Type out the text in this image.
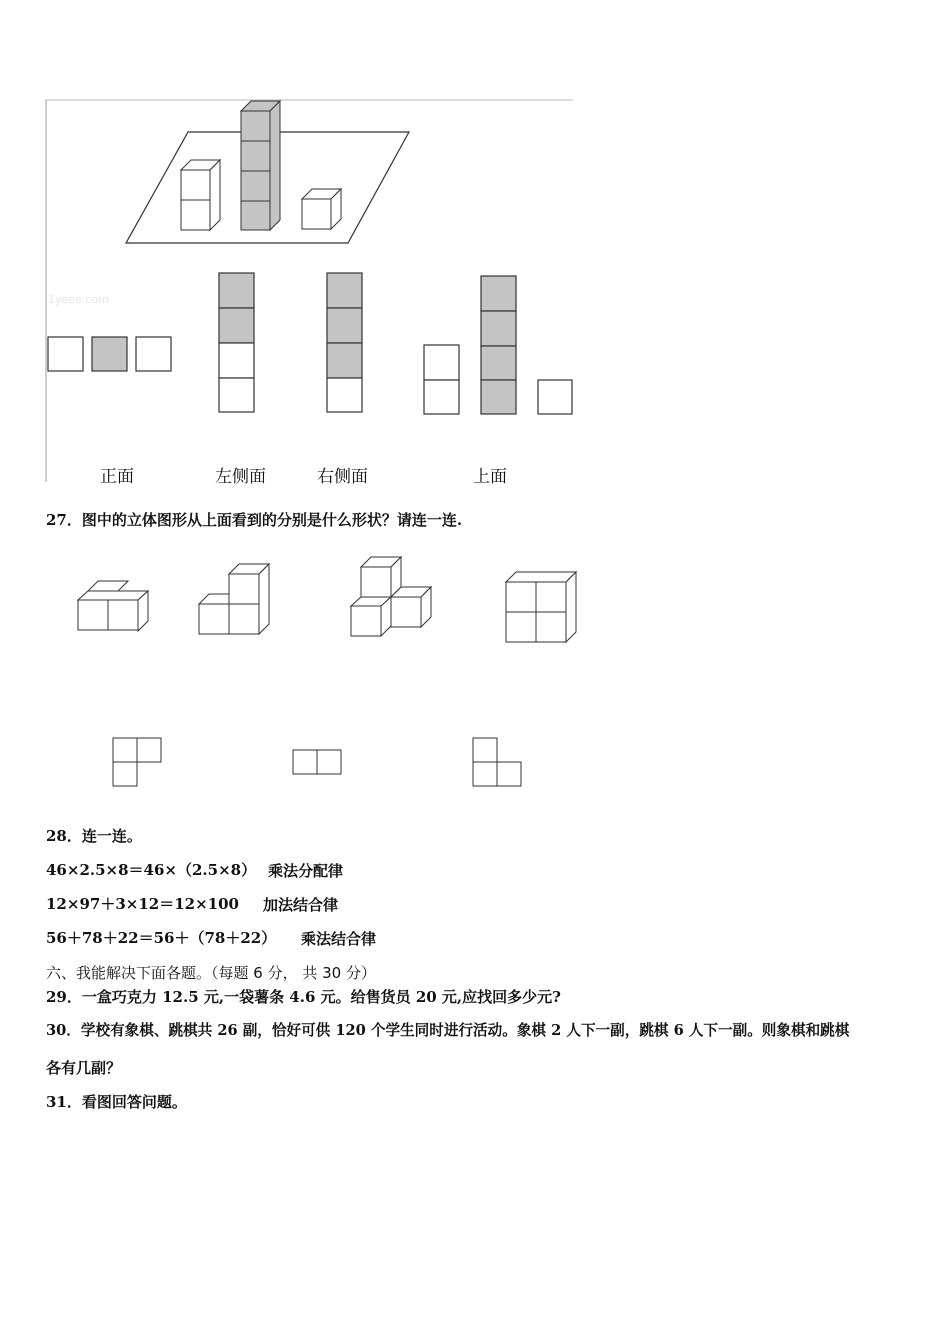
1yeee.com
正面	左侧面	右侧面	上面
27．图中的立体图形从上面看到的分别是什么形状？请连一连.
28．连一连。
46×2.5×8＝46×（2.5×8） 乘法分配律
12×97＋3×12＝12×100 加法结合律
56＋78＋22＝56＋（78＋22） 乘法结合律
六、我能解决下面各题。（每题 6 分， 共 30 分）
29．一盒巧克力 12.5 元,一袋薯条 4.6 元。给售货员 20 元,应找回多少元?
30．学校有象棋、跳棋共 26 副，恰好可供 120 个学生同时进行活动。象棋 2 人下一副，跳棋 6 人下一副。则象棋和跳棋
各有几副？
31．看图回答问题。
